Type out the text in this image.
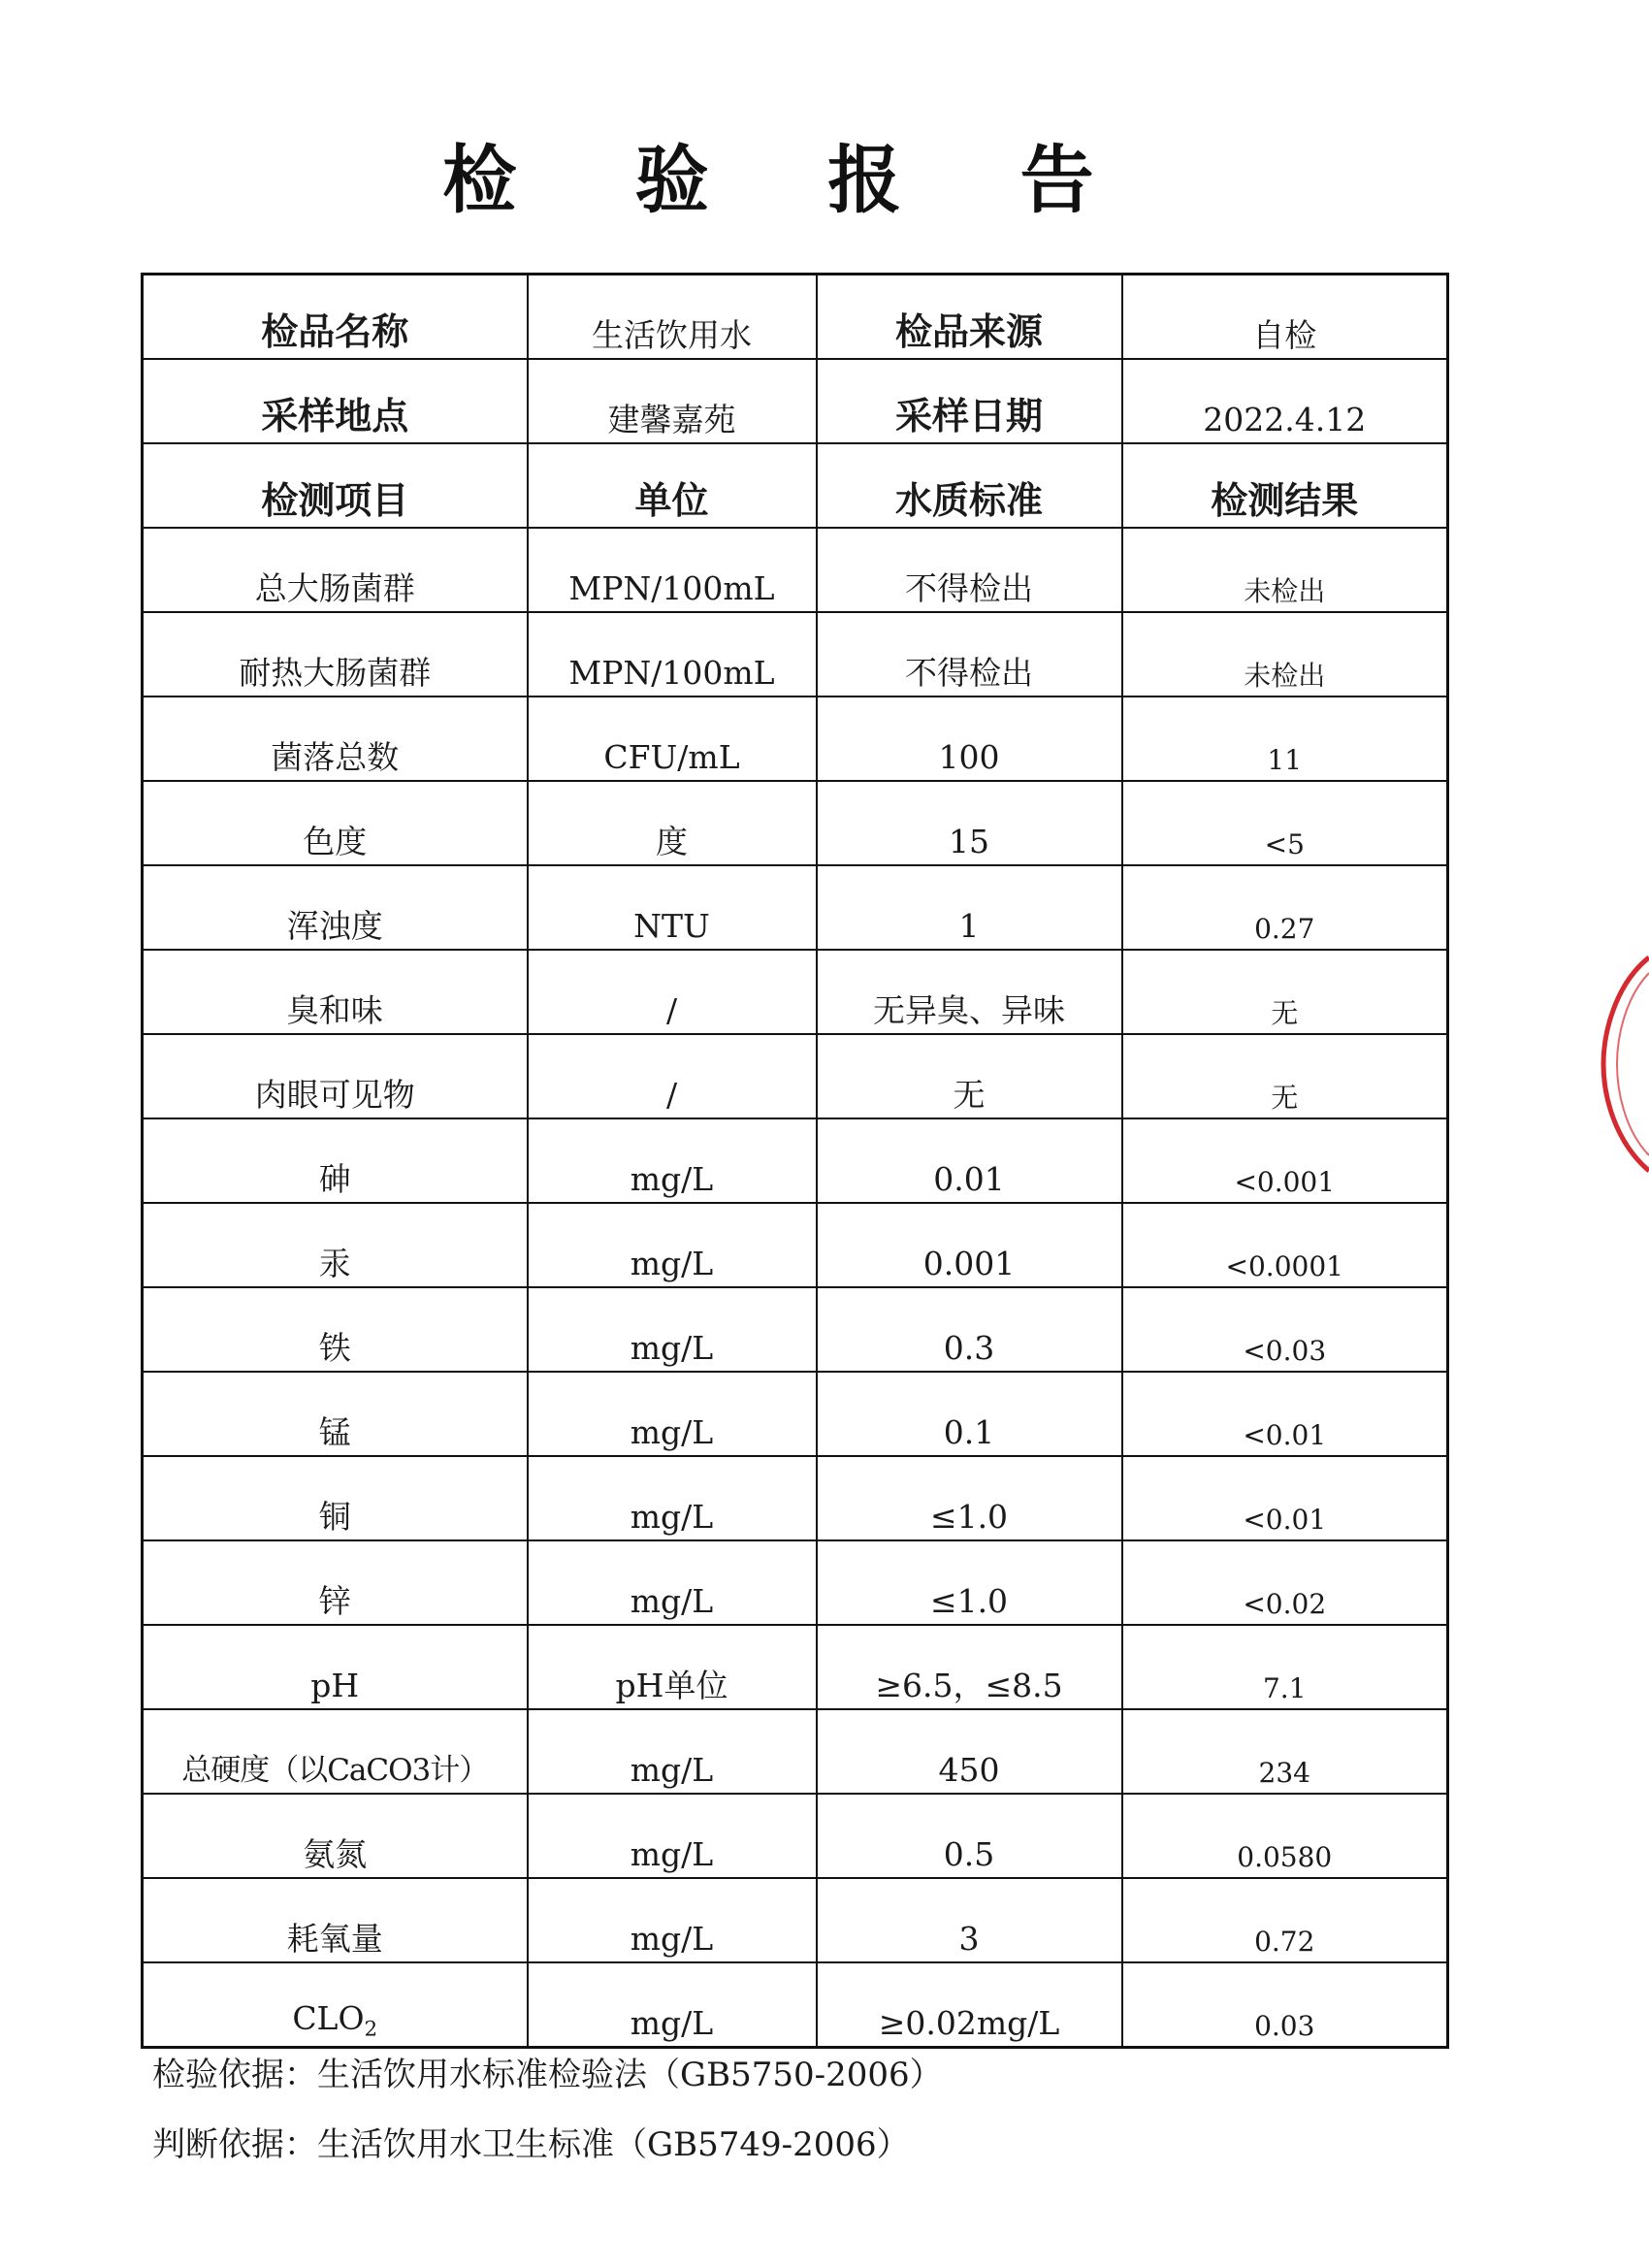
检 验 报 告
检品名称	生活饮用水	检品来源	自检
采样地点	建馨嘉苑	采样日期	2022.4.12
检测项目	单位	水质标准	检测结果
总大肠菌群	MPN/100mL	不得检出	未检出
耐热大肠菌群	MPN/100mL	不得检出	未检出
菌落总数	CFU/mL	100	11
色度	度	15	<5
浑浊度	NTU	1	0.27
臭和味	/	无异臭、异味	无
肉眼可见物	/	无	无
砷	mg/L	0.01	<0.001
汞	mg/L	0.001	<0.0001
铁	mg/L	0.3	<0.03
锰	mg/L	0.1	<0.01
铜	mg/L	≤1.0	<0.01
锌	mg/L	≤1.0	<0.02
pH	pH单位	≥6.5，≤8.5	7.1
总硬度（以CaCO3计）	mg/L	450	234
氨氮	mg/L	0.5	0.0580
耗氧量	mg/L	3	0.72
$CLO_2$	mg/L	≥0.02mg/L	0.03
检验依据：生活饮用水标准检验法（GB5750-2006）
判断依据：生活饮用水卫生标准（GB5749-2006）
